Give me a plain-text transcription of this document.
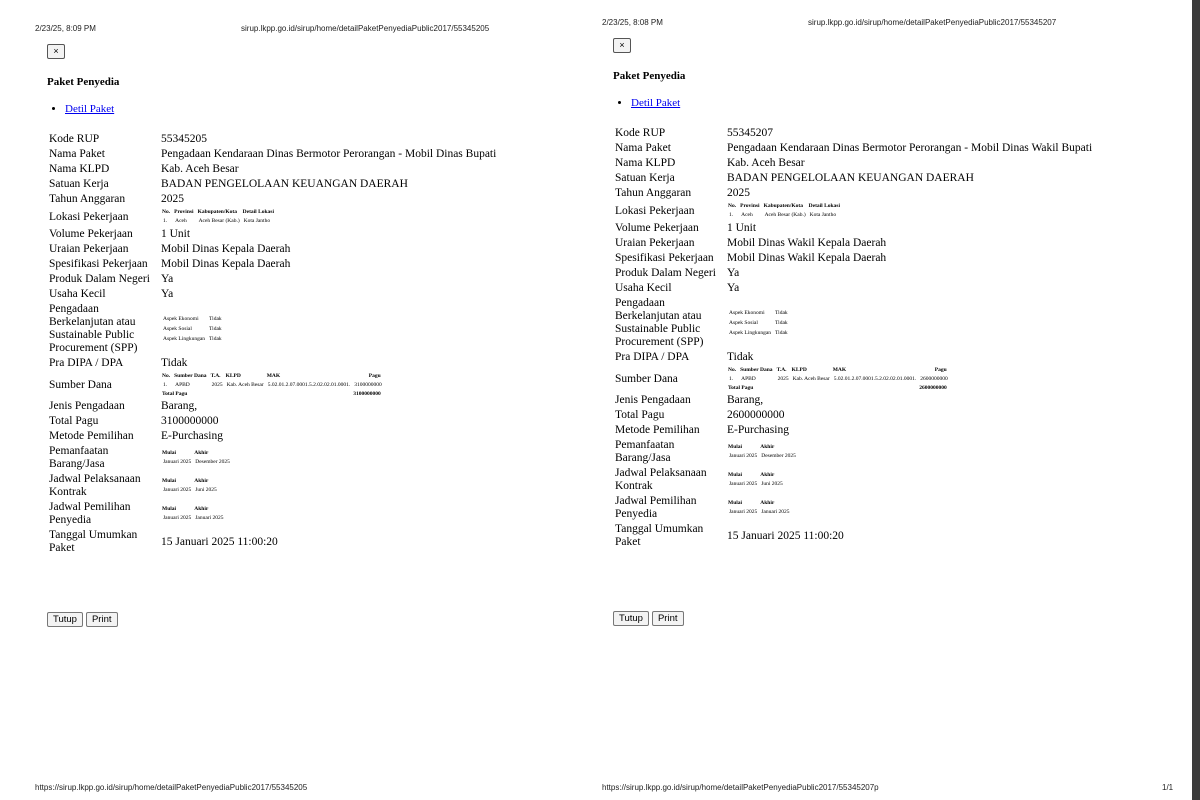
2/23/25, 8:09 PM	sirup.lkpp.go.id/sirup/home/detailPaketPenyediaPublic2017/55345205
×
Paket Penyedia
• Detil Paket
Kode RUP	55345205
Nama Paket	Pengadaan Kendaraan Dinas Bermotor Perorangan - Mobil Dinas Bupati
Nama KLPD	Kab. Aceh Besar
Satuan Kerja	BADAN PENGELOLAAN KEUANGAN DAERAH
Tahun Anggaran	2025
Lokasi Pekerjaan		No.	Provinsi	Kabupaten/Kota	Detail Lokasi
1.	Aceh	Aceh Besar (Kab.)	Kota Jantho

Volume Pekerjaan	1 Unit
Uraian Pekerjaan	Mobil Dinas Kepala Daerah
Spesifikasi Pekerjaan	Mobil Dinas Kepala Daerah
Produk Dalam Negeri	Ya
Usaha Kecil	Ya
Pengadaan Berkelanjutan atau Sustainable Public Procurement (SPP)	
Aspek Ekonomi	Tidak
Aspek Sosial	Tidak
Aspek Lingkungan	Tidak

Pra DIPA / DPA	Tidak
Sumber Dana	
No.	Sumber Dana	T.A.	KLPD	MAK	Pagu
1.	APBD	2025	Kab. Aceh Besar	5.02.01.2.07.0001.5.2.02.02.01.0001.	3100000000
Total Pagu	3100000000

Jenis Pengadaan	Barang,
Total Pagu	3100000000
Metode Pemilihan	E-Purchasing
Pemanfaatan Barang/Jasa	
Mulai	Akhir
Januari 2025	Desember 2025

Jadwal Pelaksanaan Kontrak	
Mulai	Akhir
Januari 2025	Juni 2025

Jadwal Pemilihan Penyedia	
Mulai	Akhir
Januari 2025	Januari 2025

Tanggal Umumkan Paket	15 Januari 2025 11:00:20
Tutup Print
https://sirup.lkpp.go.id/sirup/home/detailPaketPenyediaPublic2017/55345205
2/23/25, 8:08 PM	sirup.lkpp.go.id/sirup/home/detailPaketPenyediaPublic2017/55345207
×
Paket Penyedia
• Detil Paket
Kode RUP	55345207
Nama Paket	Pengadaan Kendaraan Dinas Bermotor Perorangan - Mobil Dinas Wakil Bupati
Nama KLPD	Kab. Aceh Besar
Satuan Kerja	BADAN PENGELOLAAN KEUANGAN DAERAH
Tahun Anggaran	2025
Lokasi Pekerjaan		No.	Provinsi	Kabupaten/Kota	Detail Lokasi
1.	Aceh	Aceh Besar (Kab.)	Kota Jantho

Volume Pekerjaan	1 Unit
Uraian Pekerjaan	Mobil Dinas Wakil Kepala Daerah
Spesifikasi Pekerjaan	Mobil Dinas Wakil Kepala Daerah
Produk Dalam Negeri	Ya
Usaha Kecil	Ya
Pengadaan Berkelanjutan atau Sustainable Public Procurement (SPP)	
Aspek Ekonomi	Tidak
Aspek Sosial	Tidak
Aspek Lingkungan	Tidak

Pra DIPA / DPA	Tidak
Sumber Dana	
No.	Sumber Dana	T.A.	KLPD	MAK	Pagu
1.	APBD	2025	Kab. Aceh Besar	5.02.01.2.07.0001.5.2.02.02.01.0001.	2600000000
Total Pagu	2600000000

Jenis Pengadaan	Barang,
Total Pagu	2600000000
Metode Pemilihan	E-Purchasing
Pemanfaatan Barang/Jasa	
Mulai	Akhir
Januari 2025	Desember 2025

Jadwal Pelaksanaan Kontrak	
Mulai	Akhir
Januari 2025	Juni 2025

Jadwal Pemilihan Penyedia	
Mulai	Akhir
Januari 2025	Januari 2025

Tanggal Umumkan Paket	15 Januari 2025 11:00:20
Tutup Print
https://sirup.lkpp.go.id/sirup/home/detailPaketPenyediaPublic2017/55345207p	1/1
